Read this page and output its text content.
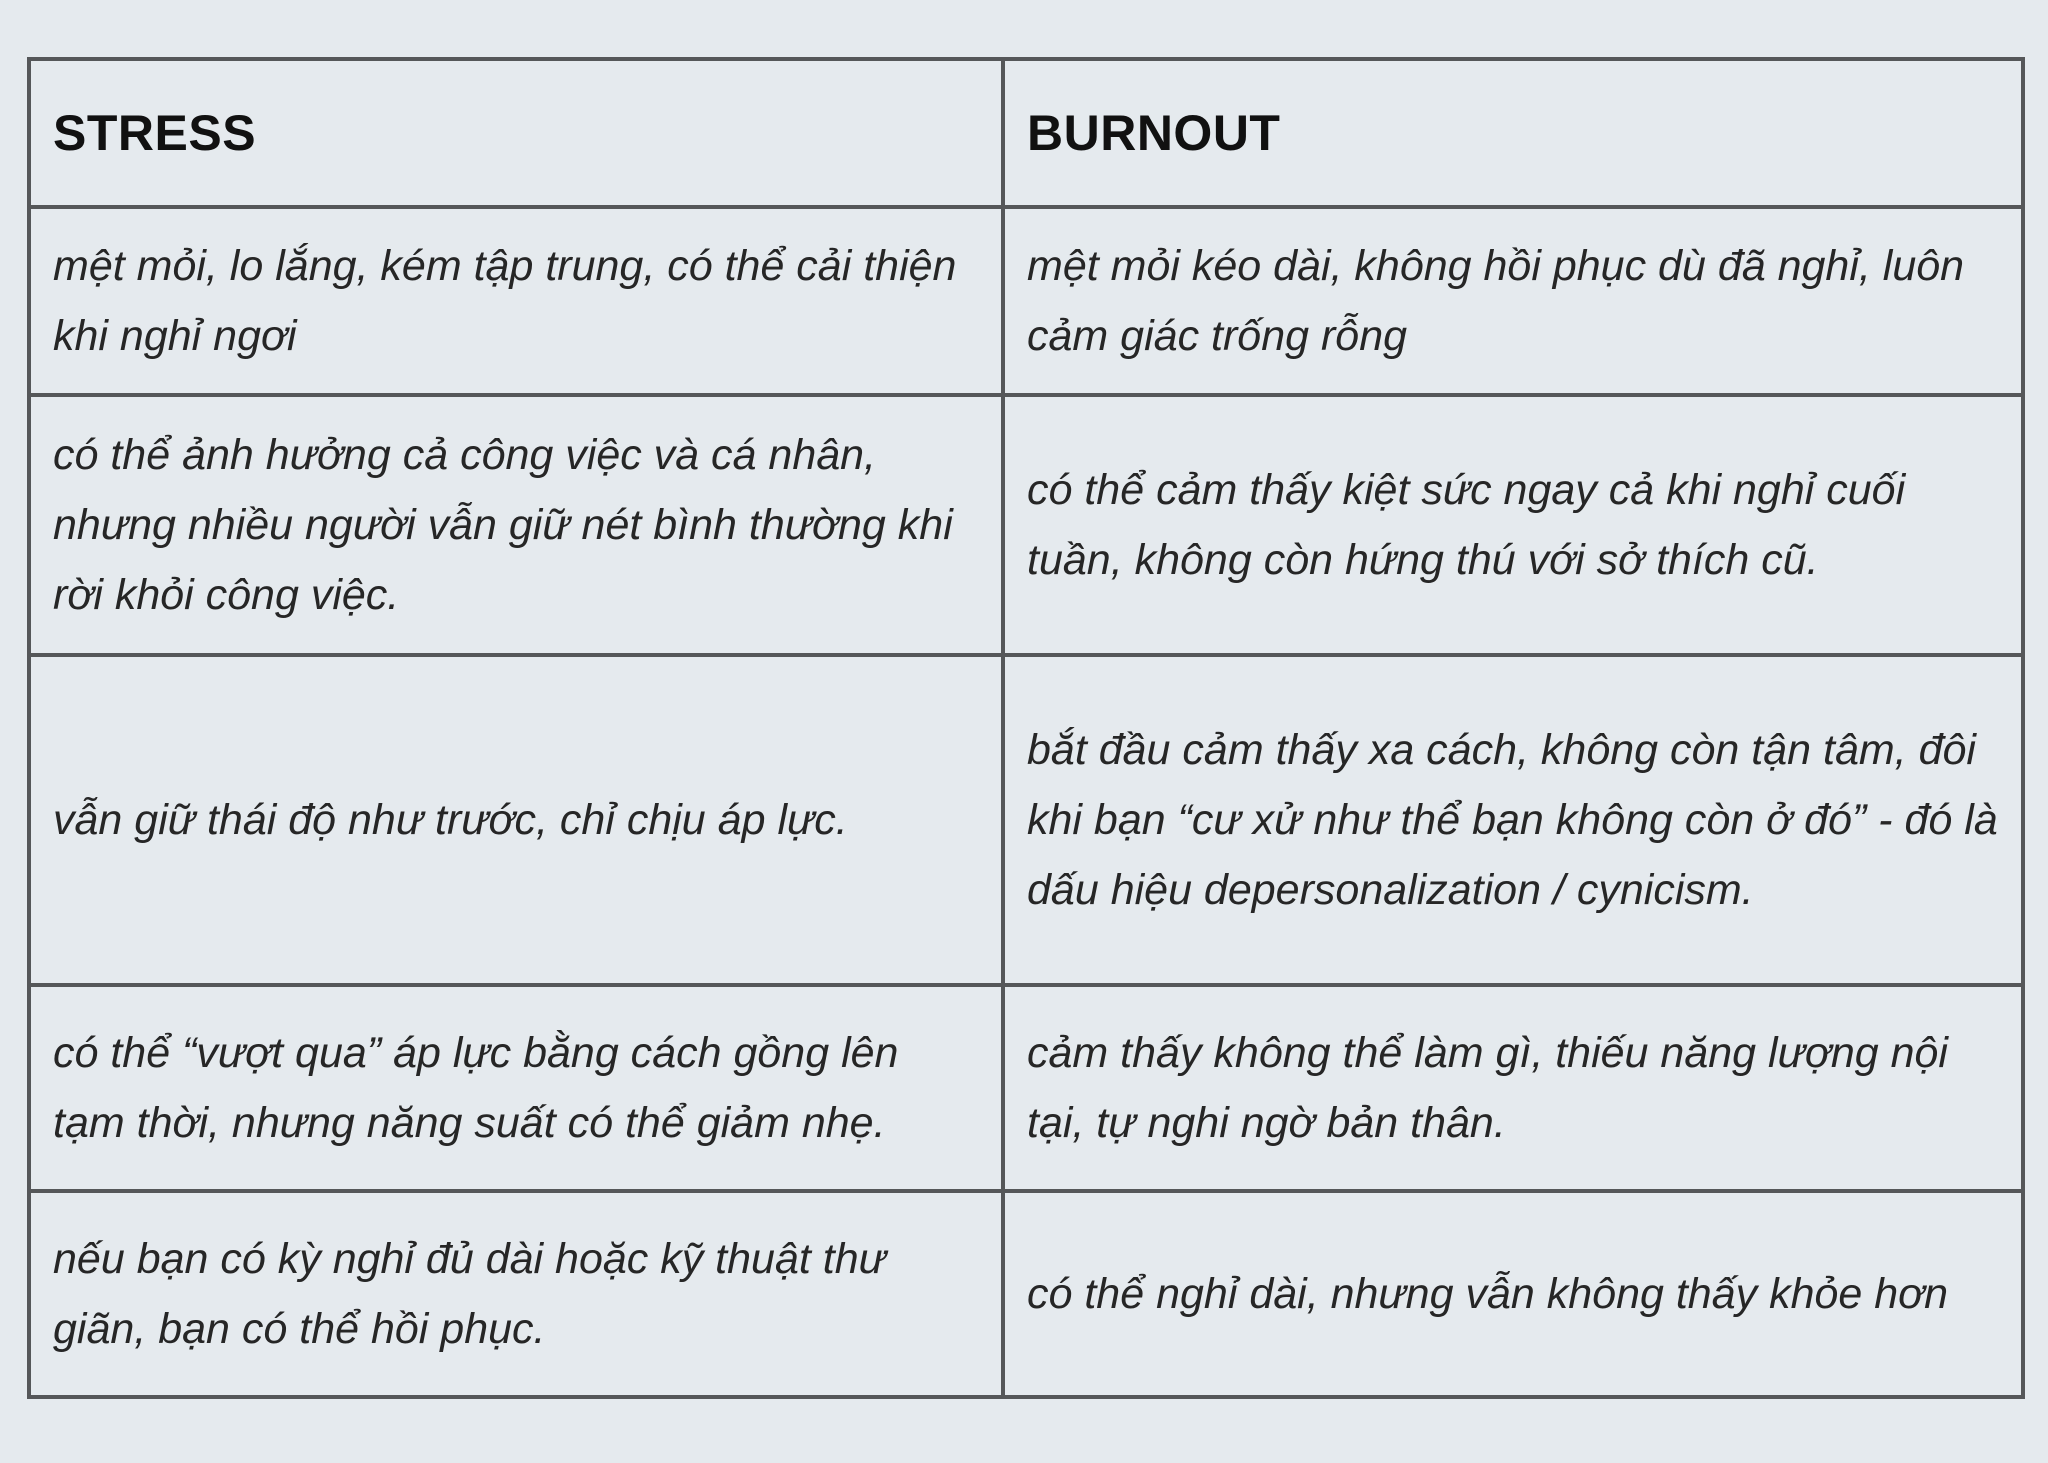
STRESS	BURNOUT
mệt mỏi, lo lắng, kém tập trung, có thể cải thiện khi nghỉ ngơi	mệt mỏi kéo dài, không hồi phục dù đã nghỉ, luôn cảm giác trống rỗng
có thể ảnh hưởng cả công việc và cá nhân, nhưng nhiều người vẫn giữ nét bình thường khi rời khỏi công việc.	có thể cảm thấy kiệt sức ngay cả khi nghỉ cuối tuần, không còn hứng thú với sở thích cũ.
vẫn giữ thái độ như trước, chỉ chịu áp lực.	bắt đầu cảm thấy xa cách, không còn tận tâm, đôi khi bạn “cư xử như thể bạn không còn ở đó” - đó là dấu hiệu depersonalization / cynicism.
có thể “vượt qua” áp lực bằng cách gồng lên tạm thời, nhưng năng suất có thể giảm nhẹ.	cảm thấy không thể làm gì, thiếu năng lượng nội tại, tự nghi ngờ bản thân.
nếu bạn có kỳ nghỉ đủ dài hoặc kỹ thuật thư giãn, bạn có thể hồi phục.	có thể nghỉ dài, nhưng vẫn không thấy khỏe hơn
